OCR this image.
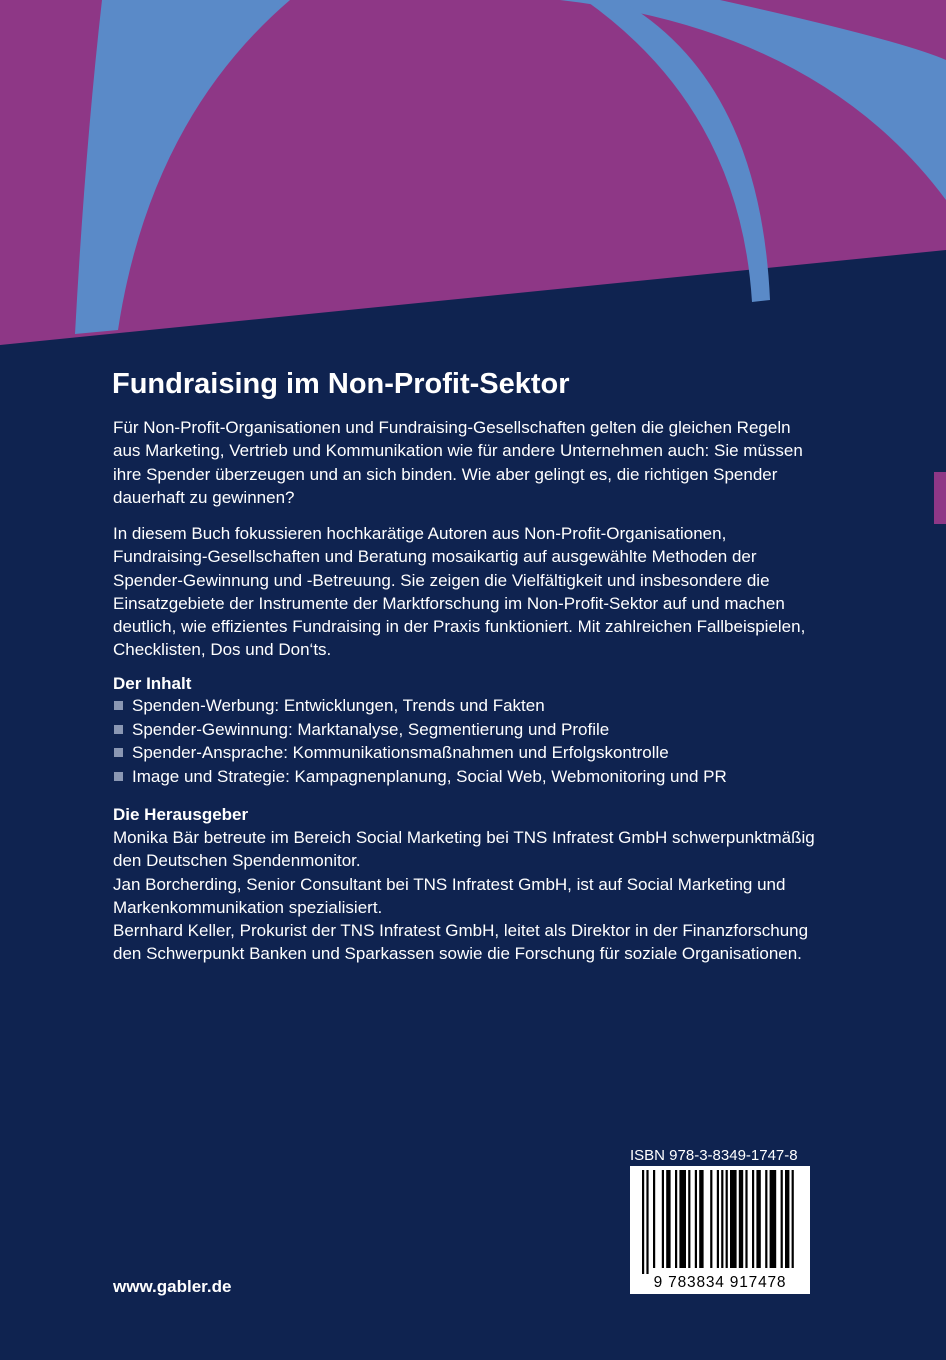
Fundraising im Non-Profit-Sektor

Für Non-Profit-Organisationen und Fundraising-Gesellschaften gelten die gleichen Regeln aus Marketing, Vertrieb und Kommunikation wie für andere Unternehmen auch: Sie müssen ihre Spender überzeugen und an sich binden. Wie aber gelingt es, die richtigen Spender dauerhaft zu gewinnen?

In diesem Buch fokussieren hochkarätige Autoren aus Non-Profit-Organisationen, Fundraising-Gesellschaften und Beratung mosaikartig auf ausgewählte Methoden der Spender-Gewinnung und -Betreuung. Sie zeigen die Vielfältigkeit und insbesondere die Einsatzgebiete der Instrumente der Marktforschung im Non-Profit-Sektor auf und machen deutlich, wie effizientes Fundraising in der Praxis funktioniert. Mit zahlreichen Fallbeispielen, Checklisten, Dos und Don‘ts.

Der Inhalt
Spenden-Werbung: Entwicklungen, Trends und Fakten
Spender-Gewinnung: Marktanalyse, Segmentierung und Profile
Spender-Ansprache: Kommunikationsmaßnahmen und Erfolgskontrolle
Image und Strategie: Kampagnenplanung, Social Web, Webmonitoring und PR
Die Herausgeber

Monika Bär betreute im Bereich Social Marketing bei TNS Infratest GmbH schwerpunktmäßig den Deutschen Spendenmonitor.

Jan Borcherding, Senior Consultant bei TNS Infratest GmbH, ist auf Social Marketing und Markenkommunikation spezialisiert.

Bernhard Keller, Prokurist der TNS Infratest GmbH, leitet als Direktor in der Finanzforschung den Schwerpunkt Banken und Sparkassen sowie die Forschung für soziale Organisationen.

ISBN 978-3-8349-1747-8
9 783834 917478
www.gabler.de
